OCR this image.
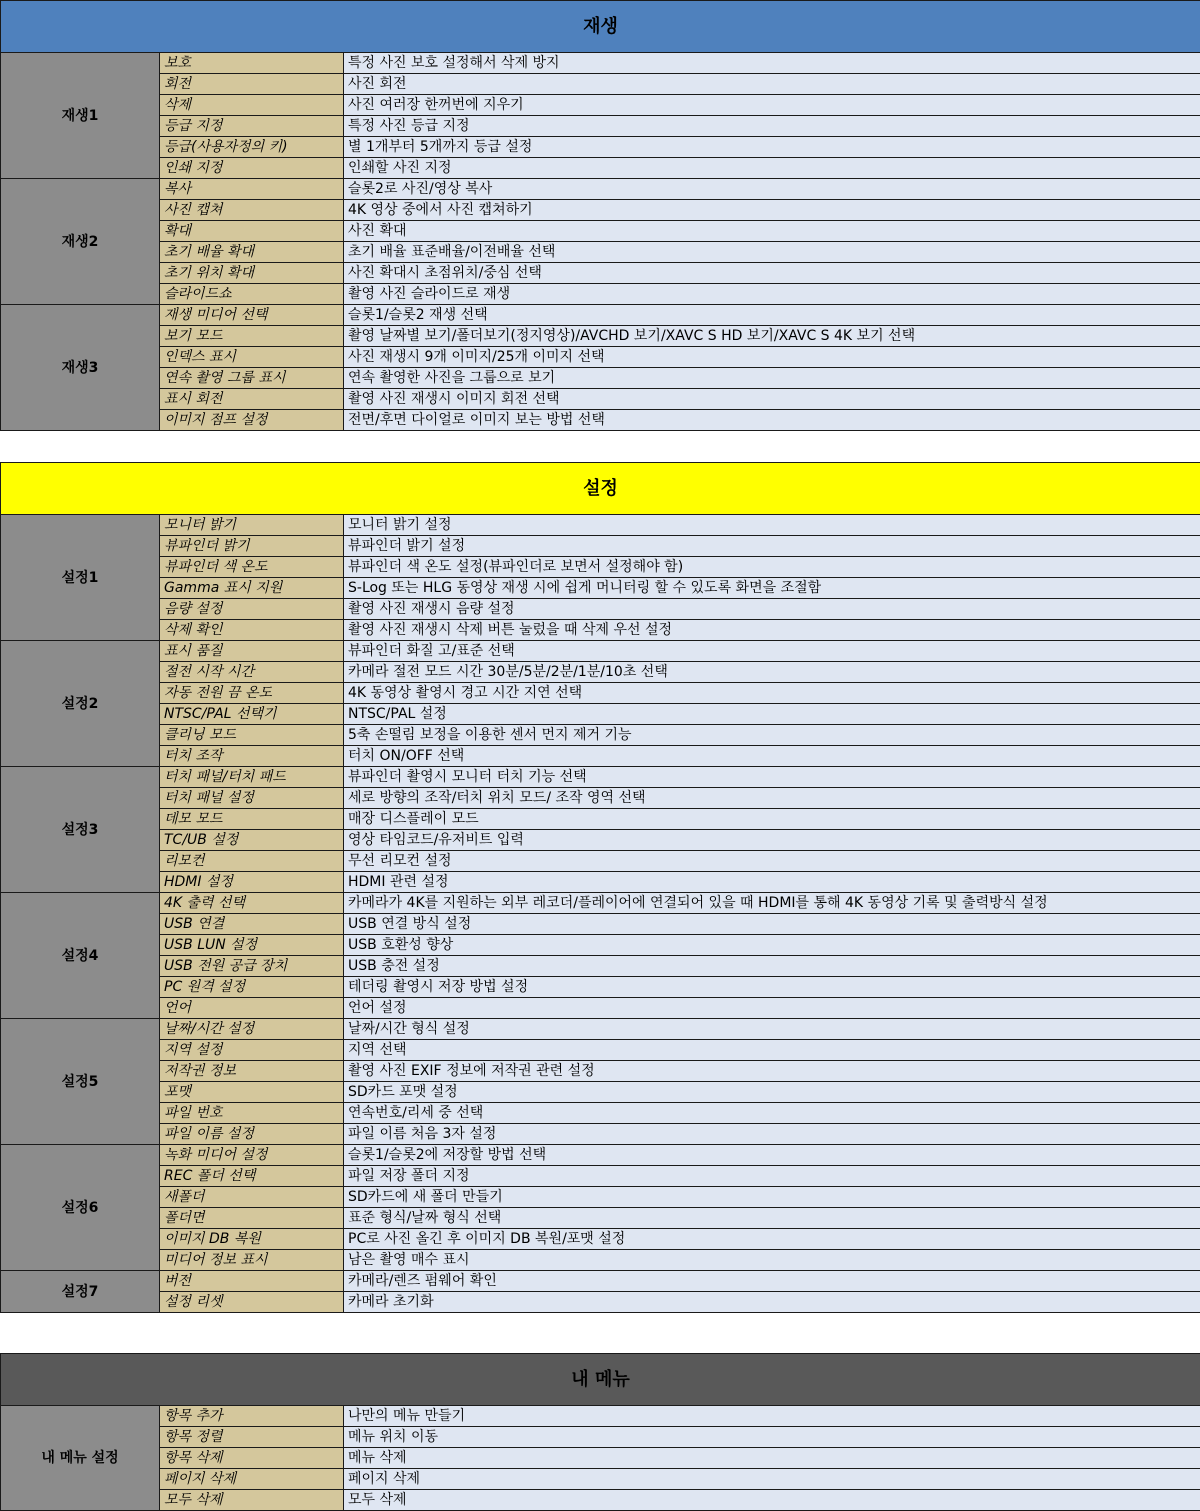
재생		
재생1	보호	특정 사진 보호 설정해서 삭제 방지
	회전	사진 회전
	삭제	사진 여러장 한꺼번에 지우기
	등급 지정	특정 사진 등급 지정
	등급(사용자정의 키)	별 1개부터 5개까지 등급 설정
	인쇄 지정	인쇄할 사진 지정
재생2	복사	슬롯2로 사진/영상 복사
	사진 캡쳐	4K 영상 중에서 사진 캡쳐하기
	확대	사진 확대
	초기 배율 확대	초기 배율 표준배율/이전배율 선택
	초기 위치 확대	사진 확대시 초점위치/중심 선택
	슬라이드쇼	촬영 사진 슬라이드로 재생
재생3	재생 미디어 선택	슬롯1/슬롯2 재생 선택
	보기 모드	촬영 날짜별 보기/폴더보기(정지영상)/AVCHD 보기/XAVC S HD 보기/XAVC S 4K 보기 선택
	인덱스 표시	사진 재생시 9개 이미지/25개 이미지 선택
	연속 촬영 그룹 표시	연속 촬영한 사진을 그룹으로 보기
	표시 회전	촬영 사진 재생시 이미지 회전 선택
	이미지 점프 설정	전면/후면 다이얼로 이미지 보는 방법 선택
설정		
설정1	모니터 밝기	모니터 밝기 설정
	뷰파인더 밝기	뷰파인더 밝기 설정
	뷰파인더 색 온도	뷰파인더 색 온도 설정(뷰파인더로 보면서 설정해야 함)
	Gamma 표시 지원	S-Log 또는 HLG 동영상 재생 시에 쉽게 머니터링 할 수 있도록 화면을 조절함
	음량 설정	촬영 사진 재생시 음량 설정
	삭제 확인	촬영 사진 재생시 삭제 버튼 눌렀을 때 삭제 우선 설정
설정2	표시 품질	뷰파인더 화질 고/표준 선택
	절전 시작 시간	카메라 절전 모드 시간 30분/5분/2분/1분/10초 선택
	자동 전원 끔 온도	4K 동영상 촬영시 경고 시간 지연 선택
	NTSC/PAL 선택기	NTSC/PAL 설정
	클리닝 모드	5축 손떨림 보정을 이용한 센서 먼지 제거 기능
	터치 조작	터치 ON/OFF 선택
설정3	터치 패널/터치 패드	뷰파인더 촬영시 모니터 터치 기능 선택
	터치 패널 설정	세로 방향의 조작/터치 위치 모드/ 조작 영역 선택
	데모 모드	매장 디스플레이 모드
	TC/UB 설정	영상 타임코드/유저비트 입력
	리모컨	무선 리모컨 설정
	HDMI 설정	HDMI 관련 설정
설정4	4K 출력 선택	카메라가 4K를 지원하는 외부 레코더/플레이어에 연결되어 있을 때 HDMI를 통해 4K 동영상 기록 및 출력방식 설정
	USB 연결	USB 연결 방식 설정
	USB LUN 설정	USB 호환성 향상
	USB 전원 공급 장치	USB 충전 설정
	PC 원격 설정	테더링 촬영시 저장 방법 설정
	언어	언어 설정
설정5	날짜/시간 설정	날짜/시간 형식 설정
	지역 설정	지역 선택
	저작권 정보	촬영 사진 EXIF 정보에 저작권 관련 설정
	포맷	SD카드 포맷 설정
	파일 번호	연속번호/리세 중 선택
	파일 이름 설정	파일 이름 처음 3자 설정
설정6	녹화 미디어 설정	슬롯1/슬롯2에 저장할 방법 선택
	REC 폴더 선택	파일 저장 폴더 지정
	새폴더	SD카드에 새 폴더 만들기
	폴더면	표준 형식/날짜 형식 선택
	이미지 DB 복원	PC로 사진 올긴 후 이미지 DB 복원/포맷 설정
	미디어 정보 표시	남은 촬영 매수 표시
설정7	버전	카메라/렌즈 펌웨어 확인
	설정 리셋	카메라 초기화
내 메뉴		
내 메뉴 설정	항목 추가	나만의 메뉴 만들기
	항목 정렬	메뉴 위치 이동
	항목 삭제	메뉴 삭제
	페이지 삭제	페이지 삭제
	모두 삭제	모두 삭제
